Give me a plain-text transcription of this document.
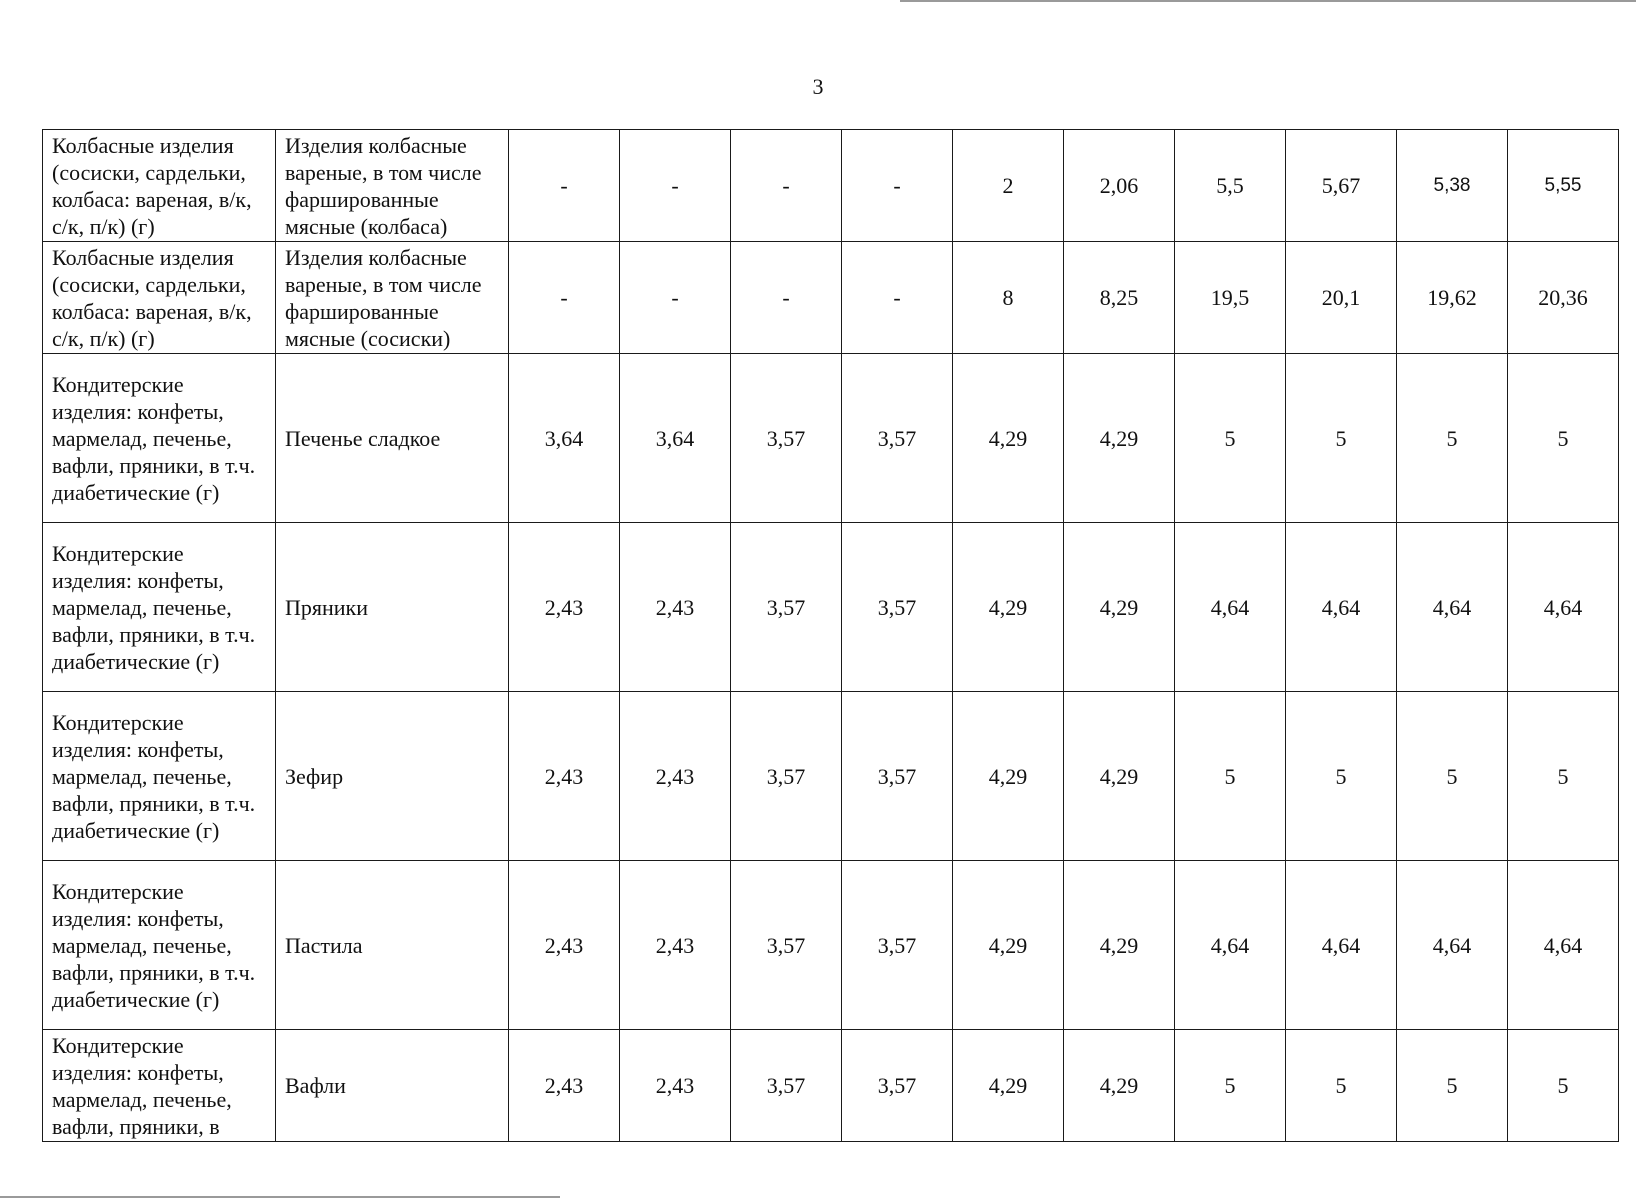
3
Колбасные изделия (сосиски, сардельки, колбаса: вареная, в/к, с/к, п/к) (г)	Изделия колбасные вареные, в том числе фаршированные мясные (колбаса)	-	-	-	-	2	2,06	5,5	5,67	5,38	5,55
Колбасные изделия (сосиски, сардельки, колбаса: вареная, в/к, с/к, п/к) (г)	Изделия колбасные вареные, в том числе фаршированные мясные (сосиски)	-	-	-	-	8	8,25	19,5	20,1	19,62	20,36
Кондитерские изделия: конфеты, мармелад, печенье, вафли, пряники, в т.ч. диабетические (г)	Печенье сладкое	3,64	3,64	3,57	3,57	4,29	4,29	5	5	5	5
Кондитерские изделия: конфеты, мармелад, печенье, вафли, пряники, в т.ч. диабетические (г)	Пряники	2,43	2,43	3,57	3,57	4,29	4,29	4,64	4,64	4,64	4,64
Кондитерские изделия: конфеты, мармелад, печенье, вафли, пряники, в т.ч. диабетические (г)	Зефир	2,43	2,43	3,57	3,57	4,29	4,29	5	5	5	5
Кондитерские изделия: конфеты, мармелад, печенье, вафли, пряники, в т.ч. диабетические (г)	Пастила	2,43	2,43	3,57	3,57	4,29	4,29	4,64	4,64	4,64	4,64
Кондитерские изделия: конфеты, мармелад, печенье, вафли, пряники, в	Вафли	2,43	2,43	3,57	3,57	4,29	4,29	5	5	5	5
